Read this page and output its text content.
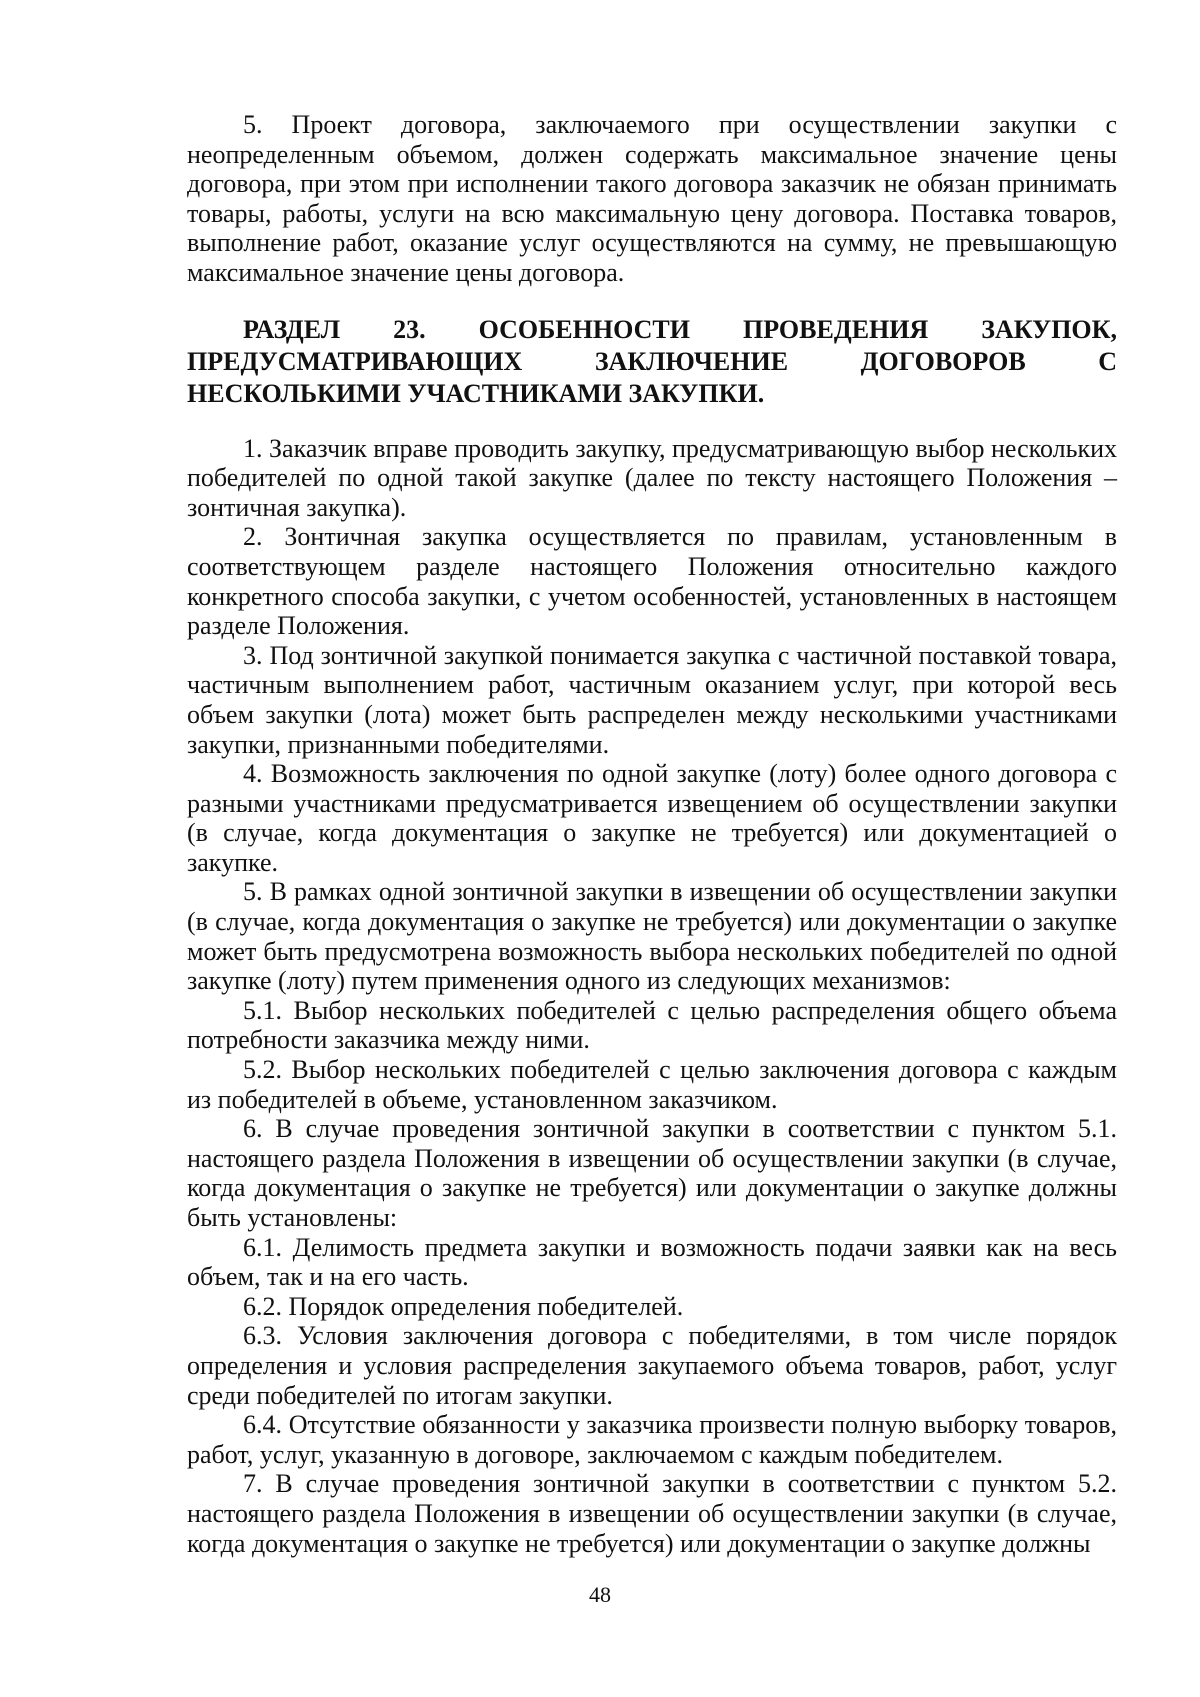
5. Проект договора, заключаемого при осуществлении закупки с неопределенным объемом, должен содержать максимальное значение цены договора, при этом при исполнении такого договора заказчик не обязан принимать товары, работы, услуги на всю максимальную цену договора. Поставка товаров, выполнение работ, оказание услуг осуществляются на сумму, не превышающую максимальное значение цены договора.

РАЗДЕЛ 23. ОСОБЕННОСТИ ПРОВЕДЕНИЯ ЗАКУПОК, ПРЕДУСМАТРИВАЮЩИХ ЗАКЛЮЧЕНИЕ ДОГОВОРОВ С НЕСКОЛЬКИМИ УЧАСТНИКАМИ ЗАКУПКИ.

1. Заказчик вправе проводить закупку, предусматривающую выбор нескольких победителей по одной такой закупке (далее по тексту настоящего Положения – зонтичная закупка).

2. Зонтичная закупка осуществляется по правилам, установленным в соответствующем разделе настоящего Положения относительно каждого конкретного способа закупки, с учетом особенностей, установленных в настоящем разделе Положения.

3. Под зонтичной закупкой понимается закупка с частичной поставкой товара, частичным выполнением работ, частичным оказанием услуг, при которой весь объем закупки (лота) может быть распределен между несколькими участниками закупки, признанными победителями.

4. Возможность заключения по одной закупке (лоту) более одного договора с разными участниками предусматривается извещением об осуществлении закупки (в случае, когда документация о закупке не требуется) или документацией о закупке.

5. В рамках одной зонтичной закупки в извещении об осуществлении закупки (в случае, когда документация о закупке не требуется) или документации о закупке может быть предусмотрена возможность выбора нескольких победителей по одной закупке (лоту) путем применения одного из следующих механизмов:

5.1. Выбор нескольких победителей с целью распределения общего объема потребности заказчика между ними.

5.2. Выбор нескольких победителей с целью заключения договора с каждым из победителей в объеме, установленном заказчиком.

6. В случае проведения зонтичной закупки в соответствии с пунктом 5.1. настоящего раздела Положения в извещении об осуществлении закупки (в случае, когда документация о закупке не требуется) или документации о закупке должны быть установлены:

6.1. Делимость предмета закупки и возможность подачи заявки как на весь объем, так и на его часть.

6.2. Порядок определения победителей.

6.3. Условия заключения договора с победителями, в том числе порядок определения и условия распределения закупаемого объема товаров, работ, услуг среди победителей по итогам закупки.

6.4. Отсутствие обязанности у заказчика произвести полную выборку товаров, работ, услуг, указанную в договоре, заключаемом с каждым победителем.

7. В случае проведения зонтичной закупки в соответствии с пунктом 5.2. настоящего раздела Положения в извещении об осуществлении закупки (в случае, когда документация о закупке не требуется) или документации о закупке должны

48
